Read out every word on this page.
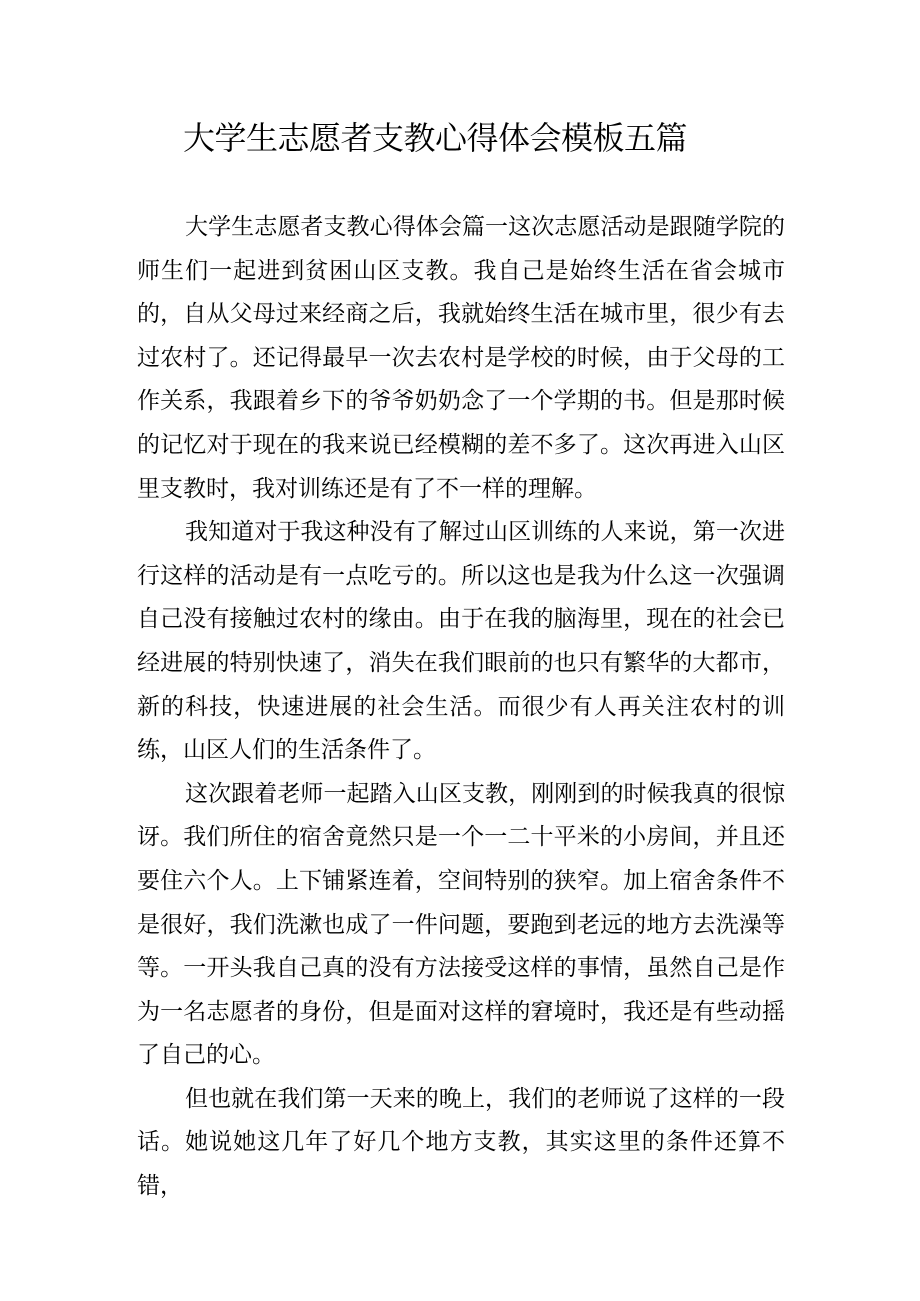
大学生志愿者支教心得体会模板五篇

大学生志愿者支教心得体会篇一这次志愿活动是跟随学院的师生们一起进到贫困山区支教。我自己是始终生活在省会城市的，自从父母过来经商之后，我就始终生活在城市里，很少有去过农村了。还记得最早一次去农村是学校的时候，由于父母的工作关系，我跟着乡下的爷爷奶奶念了一个学期的书。但是那时候的记忆对于现在的我来说已经模糊的差不多了。这次再进入山区里支教时，我对训练还是有了不一样的理解。

我知道对于我这种没有了解过山区训练的人来说，第一次进行这样的活动是有一点吃亏的。所以这也是我为什么这一次强调自己没有接触过农村的缘由。由于在我的脑海里，现在的社会已经进展的特别快速了，消失在我们眼前的也只有繁华的大都市，新的科技，快速进展的社会生活。而很少有人再关注农村的训练，山区人们的生活条件了。

这次跟着老师一起踏入山区支教，刚刚到的时候我真的很惊讶。我们所住的宿舍竟然只是一个一二十平米的小房间，并且还要住六个人。上下铺紧连着，空间特别的狭窄。加上宿舍条件不是很好，我们洗漱也成了一件问题，要跑到老远的地方去洗澡等等。一开头我自己真的没有方法接受这样的事情，虽然自己是作为一名志愿者的身份，但是面对这样的窘境时，我还是有些动摇了自己的心。

但也就在我们第一天来的晚上，我们的老师说了这样的一段话。她说她这几年了好几个地方支教，其实这里的条件还算不错，
